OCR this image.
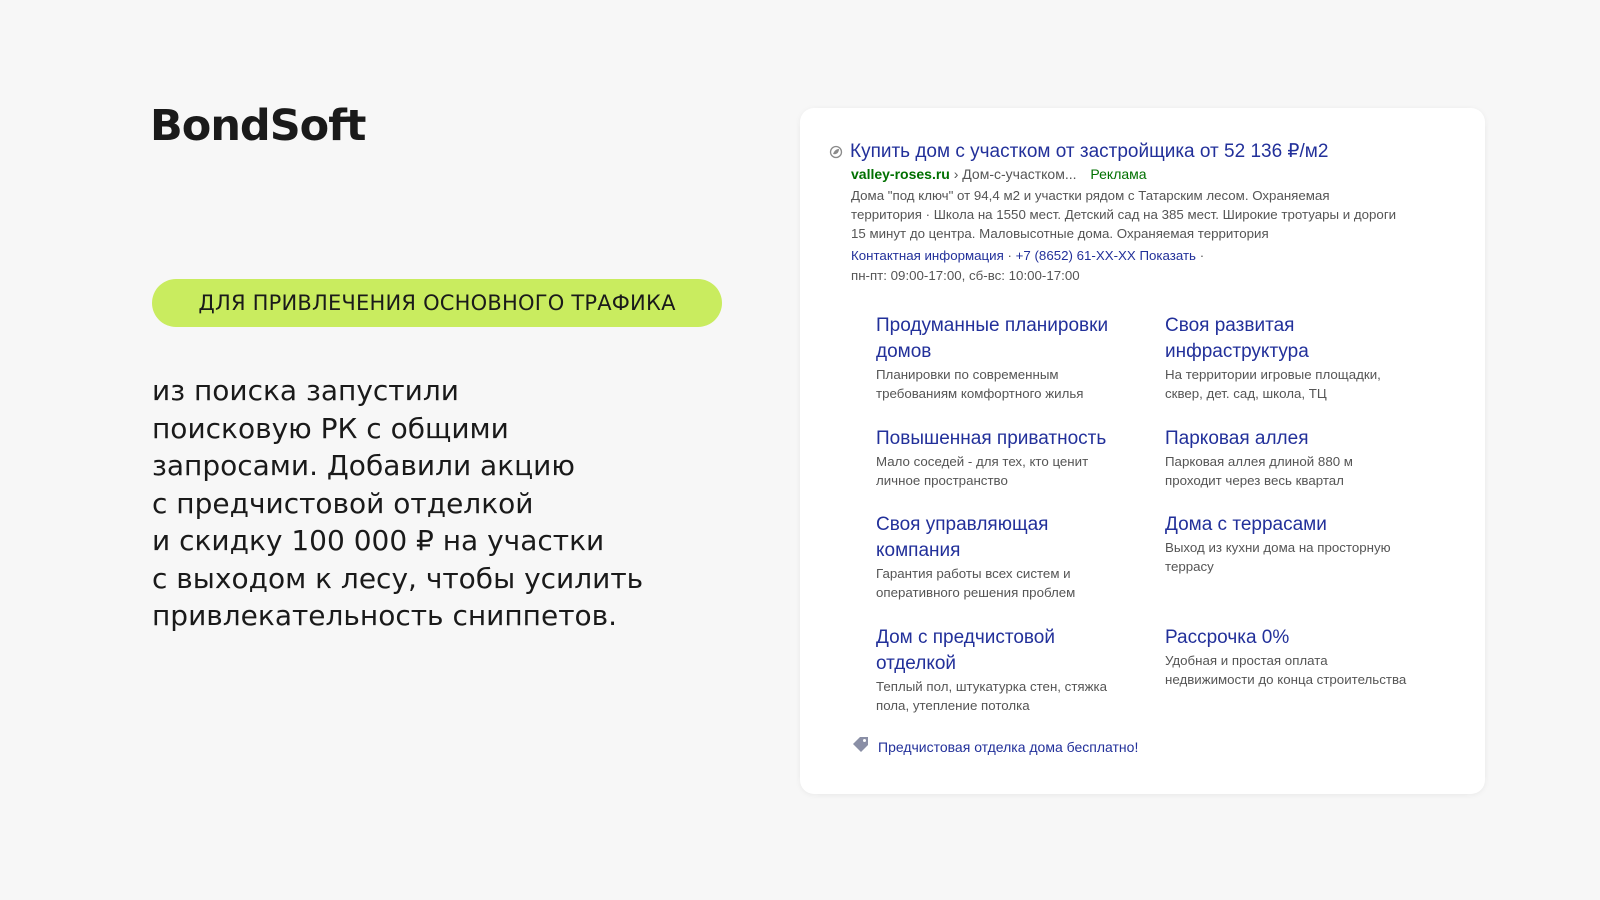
BondSoft
ДЛЯ ПРИВЛЕЧЕНИЯ ОСНОВНОГО ТРАФИКА
из поиска запустили
поисковую РК с общими
запросами. Добавили акцию
с предчистовой отделкой
и скидку 100 000 ₽ на участки
с выходом к лесу, чтобы усилить
привлекательность сниппетов.
Купить дом с участком от застройщика от 52 136 ₽/м2
valley-roses.ru › Дом-с-участком... Реклама
Дома "под ключ" от 94,4 м2 и участки рядом с Татарским лесом. Охраняемая
территория · Школа на 1550 мест. Детский сад на 385 мест. Широкие тротуары и дороги
15 минут до центра. Маловысотные дома. Охраняемая территория
Контактная информация · +7 (8652) 61-XX-XX Показать ·
пн-пт: 09:00-17:00, сб-вс: 10:00-17:00
Продуманные планировки
домов
Планировки по современным
требованиям комфортного жилья
Своя развитая
инфраструктура
На территории игровые площадки,
сквер, дет. сад, школа, ТЦ
Повышенная приватность
Мало соседей - для тех, кто ценит
личное пространство
Парковая аллея
Парковая аллея длиной 880 м
проходит через весь квартал
Своя управляющая
компания
Гарантия работы всех систем и
оперативного решения проблем
Дома с террасами
Выход из кухни дома на просторную
террасу
Дом с предчистовой
отделкой
Теплый пол, штукатурка стен, стяжка
пола, утепление потолка
Рассрочка 0%
Удобная и простая оплата
недвижимости до конца строительства
Предчистовая отделка дома бесплатно!
